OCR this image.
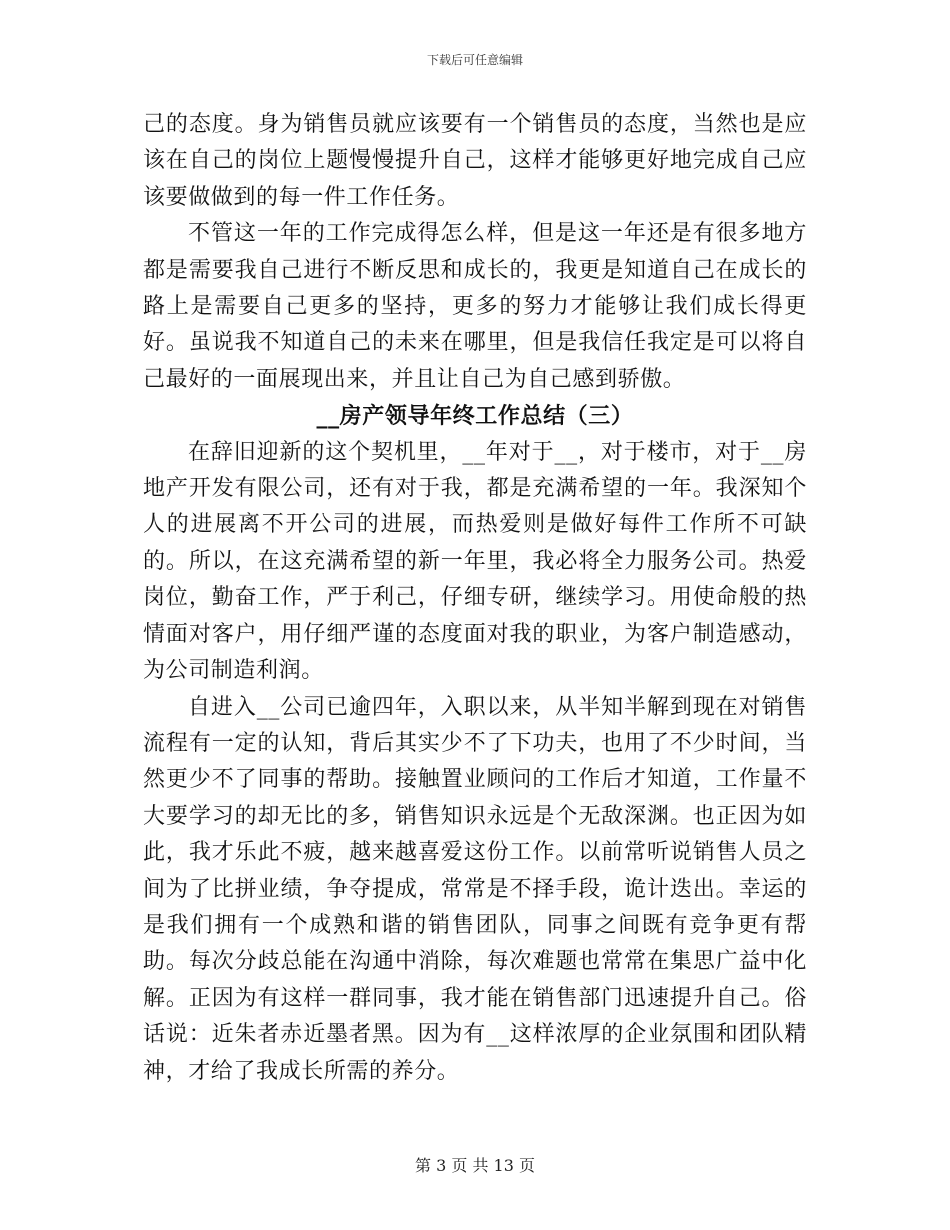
下载后可任意编辑

己的态度。身为销售员就应该要有一个销售员的态度，当然也是应该在自己的岗位上题慢慢提升自己，这样才能够更好地完成自己应该要做做到的每一件工作任务。

不管这一年的工作完成得怎么样，但是这一年还是有很多地方都是需要我自己进行不断反思和成长的，我更是知道自己在成长的路上是需要自己更多的坚持，更多的努力才能够让我们成长得更好。虽说我不知道自己的未来在哪里，但是我信任我定是可以将自己最好的一面展现出来，并且让自己为自己感到骄傲。

__房产领导年终工作总结（三）

在辞旧迎新的这个契机里，__年对于__，对于楼市，对于__房地产开发有限公司，还有对于我，都是充满希望的一年。我深知个人的进展离不开公司的进展，而热爱则是做好每件工作所不可缺的。所以，在这充满希望的新一年里，我必将全力服务公司。热爱岗位，勤奋工作，严于利己，仔细专研，继续学习。用使命般的热情面对客户，用仔细严谨的态度面对我的职业，为客户制造感动，为公司制造利润。

自进入__公司已逾四年，入职以来，从半知半解到现在对销售流程有一定的认知，背后其实少不了下功夫，也用了不少时间，当然更少不了同事的帮助。接触置业顾问的工作后才知道，工作量不大要学习的却无比的多，销售知识永远是个无敌深渊。也正因为如此，我才乐此不疲，越来越喜爱这份工作。以前常听说销售人员之间为了比拼业绩，争夺提成，常常是不择手段，诡计迭出。幸运的是我们拥有一个成熟和谐的销售团队，同事之间既有竞争更有帮助。每次分歧总能在沟通中消除，每次难题也常常在集思广益中化解。正因为有这样一群同事，我才能在销售部门迅速提升自己。俗话说：近朱者赤近墨者黑。因为有__这样浓厚的企业氛围和团队精神，才给了我成长所需的养分。

第 3 页 共 13 页
